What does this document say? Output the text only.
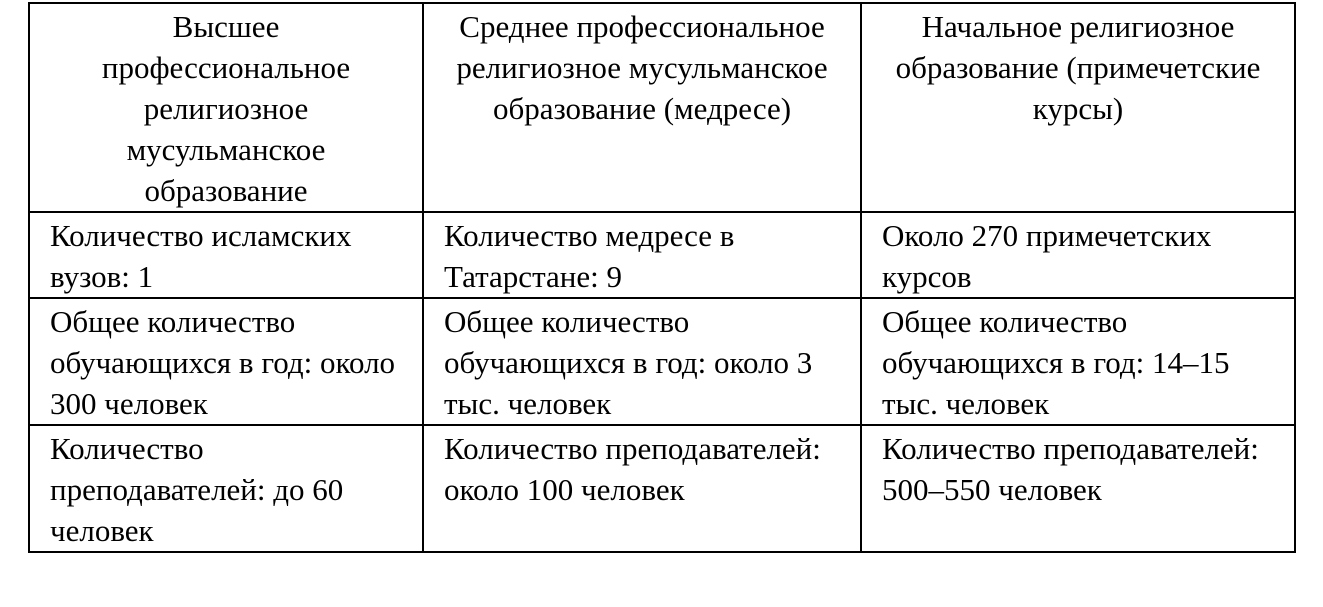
Высшее профессиональное религиозное мусульманское образование	Среднее профессиональное религиозное мусульманское образование (медресе)	Начальное религиозное образование (примечетские курсы)
Количество исламских вузов: 1	Количество медресе в Татарстане: 9	Около 270 примечетских курсов
Общее количество обучающихся в год: около 300 человек	Общее количество обучающихся в год: около 3 тыс. человек	Общее количество обучающихся в год: 14–15 тыс. человек
Количество преподавателей: до 60 человек	Количество преподавателей: около 100 человек	Количество преподавателей: 500–550 человек
